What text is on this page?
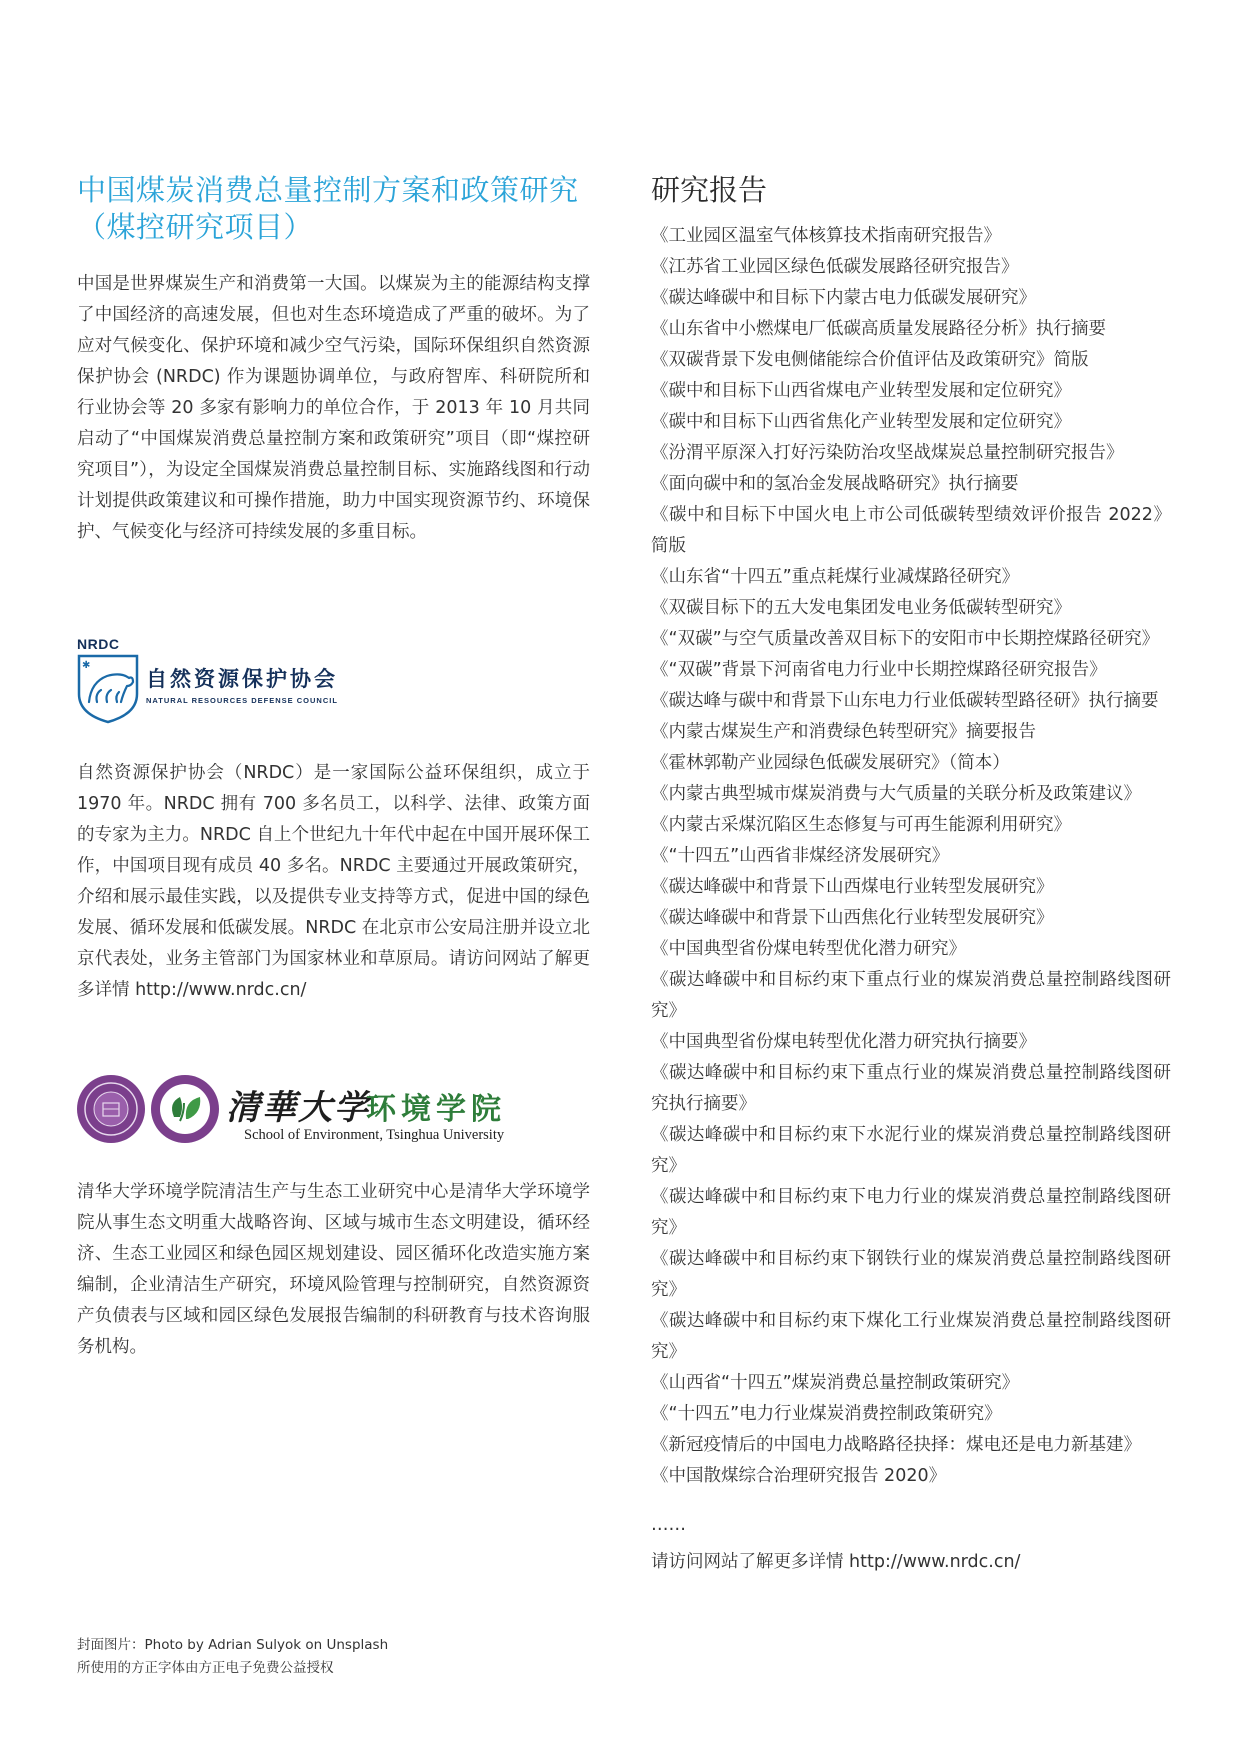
中国煤炭消费总量控制方案和政策研究
（煤控研究项目）

中国是世界煤炭生产和消费第一大国。以煤炭为主的能源结构支撑了中国经济的高速发展，但也对生态环境造成了严重的破坏。为了应对气候变化、保护环境和减少空气污染，国际环保组织自然资源保护协会 (NRDC) 作为课题协调单位，与政府智库、科研院所和行业协会等 20 多家有影响力的单位合作，于 2013 年 10 月共同启动了“中国煤炭消费总量控制方案和政策研究”项目（即“煤控研究项目”），为设定全国煤炭消费总量控制目标、实施路线图和行动计划提供政策建议和可操作措施，助力中国实现资源节约、环境保护、气候变化与经济可持续发展的多重目标。

NRDC
✱
自然资源保护协会
NATURAL RESOURCES DEFENSE COUNCIL

自然资源保护协会（NRDC）是一家国际公益环保组织，成立于 1970 年。NRDC 拥有 700 多名员工，以科学、法律、政策方面的专家为主力。NRDC 自上个世纪九十年代中起在中国开展环保工作，中国项目现有成员 40 多名。NRDC 主要通过开展政策研究，介绍和展示最佳实践，以及提供专业支持等方式，促进中国的绿色发展、循环发展和低碳发展。NRDC 在北京市公安局注册并设立北京代表处，业务主管部门为国家林业和草原局。请访问网站了解更多详情 http://www.nrdc.cn/

清華大学
环境学院
School of Environment, Tsinghua University

清华大学环境学院清洁生产与生态工业研究中心是清华大学环境学院从事生态文明重大战略咨询、区域与城市生态文明建设，循环经济、生态工业园区和绿色园区规划建设、园区循环化改造实施方案编制，企业清洁生产研究，环境风险管理与控制研究，自然资源资产负债表与区域和园区绿色发展报告编制的科研教育与技术咨询服务机构。

研究报告
《工业园区温室气体核算技术指南研究报告》
《江苏省工业园区绿色低碳发展路径研究报告》
《碳达峰碳中和目标下内蒙古电力低碳发展研究》
《山东省中小燃煤电厂低碳高质量发展路径分析》执行摘要
《双碳背景下发电侧储能综合价值评估及政策研究》简版
《碳中和目标下山西省煤电产业转型发展和定位研究》
《碳中和目标下山西省焦化产业转型发展和定位研究》
《汾渭平原深入打好污染防治攻坚战煤炭总量控制研究报告》
《面向碳中和的氢冶金发展战略研究》执行摘要
《碳中和目标下中国火电上市公司低碳转型绩效评价报告 2022》简版
《山东省“十四五”重点耗煤行业减煤路径研究》
《双碳目标下的五大发电集团发电业务低碳转型研究》
《“双碳”与空气质量改善双目标下的安阳市中长期控煤路径研究》
《“双碳”背景下河南省电力行业中长期控煤路径研究报告》
《碳达峰与碳中和背景下山东电力行业低碳转型路径研》执行摘要
《内蒙古煤炭生产和消费绿色转型研究》摘要报告
《霍林郭勒产业园绿色低碳发展研究》（简本）
《内蒙古典型城市煤炭消费与大气质量的关联分析及政策建议》
《内蒙古采煤沉陷区生态修复与可再生能源利用研究》
《“十四五”山西省非煤经济发展研究》
《碳达峰碳中和背景下山西煤电行业转型发展研究》
《碳达峰碳中和背景下山西焦化行业转型发展研究》
《中国典型省份煤电转型优化潜力研究》
《碳达峰碳中和目标约束下重点行业的煤炭消费总量控制路线图研究》
《中国典型省份煤电转型优化潜力研究执行摘要》
《碳达峰碳中和目标约束下重点行业的煤炭消费总量控制路线图研究执行摘要》
《碳达峰碳中和目标约束下水泥行业的煤炭消费总量控制路线图研究》
《碳达峰碳中和目标约束下电力行业的煤炭消费总量控制路线图研究》
《碳达峰碳中和目标约束下钢铁行业的煤炭消费总量控制路线图研究》
《碳达峰碳中和目标约束下煤化工行业煤炭消费总量控制路线图研究》
《山西省“十四五”煤炭消费总量控制政策研究》
《“十四五”电力行业煤炭消费控制政策研究》
《新冠疫情后的中国电力战略路径抉择：煤电还是电力新基建》
《中国散煤综合治理研究报告 2020》

……

请访问网站了解更多详情 http://www.nrdc.cn/

封面图片：Photo by Adrian Sulyok on Unsplash
所使用的方正字体由方正电子免费公益授权
